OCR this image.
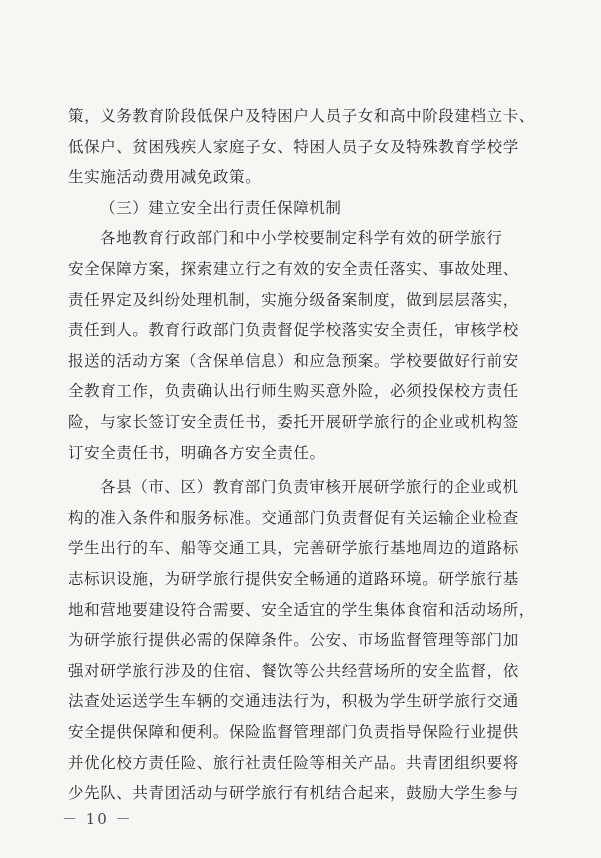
策，义务教育阶段低保户及特困户人员子女和高中阶段建档立卡、
低保户、贫困残疾人家庭子女、特困人员子女及特殊教育学校学
生实施活动费用减免政策。
（三）建立安全出行责任保障机制
各地教育行政部门和中小学校要制定科学有效的研学旅行
安全保障方案，探索建立行之有效的安全责任落实、事故处理、
责任界定及纠纷处理机制，实施分级备案制度，做到层层落实，
责任到人。教育行政部门负责督促学校落实安全责任，审核学校
报送的活动方案（含保单信息）和应急预案。学校要做好行前安
全教育工作，负责确认出行师生购买意外险，必须投保校方责任
险，与家长签订安全责任书，委托开展研学旅行的企业或机构签
订安全责任书，明确各方安全责任。
各县（市、区）教育部门负责审核开展研学旅行的企业或机
构的准入条件和服务标准。交通部门负责督促有关运输企业检查
学生出行的车、船等交通工具，完善研学旅行基地周边的道路标
志标识设施，为研学旅行提供安全畅通的道路环境。研学旅行基
地和营地要建设符合需要、安全适宜的学生集体食宿和活动场所，
为研学旅行提供必需的保障条件。公安、市场监督管理等部门加
强对研学旅行涉及的住宿、餐饮等公共经营场所的安全监督，依
法查处运送学生车辆的交通违法行为，积极为学生研学旅行交通
安全提供保障和便利。保险监督管理部门负责指导保险行业提供
并优化校方责任险、旅行社责任险等相关产品。共青团组织要将
少先队、共青团活动与研学旅行有机结合起来，鼓励大学生参与
－ 10 －
